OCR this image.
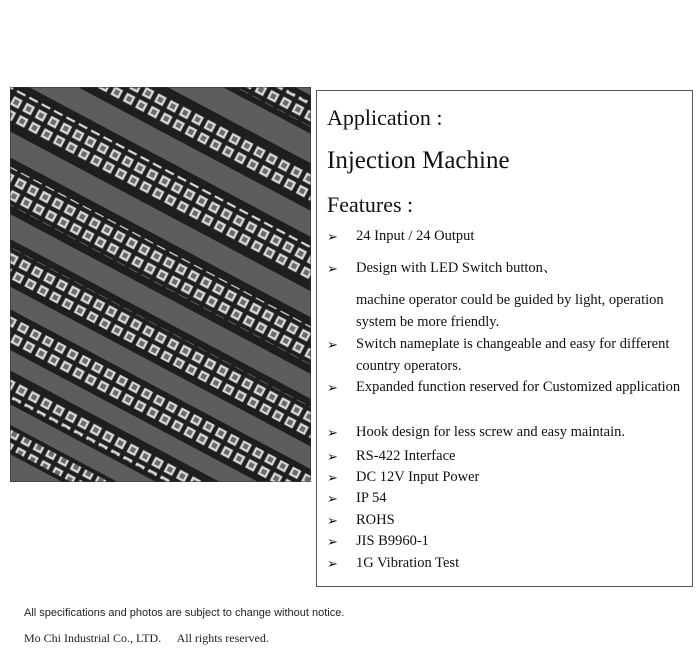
Application :
Injection Machine
Features :
➢ 24 Input / 24 Output
➢ Design with LED Switch button、
machine operator could be guided by light, operation system be more friendly.
➢ Switch nameplate is changeable and easy for different country operators.
➢ Expanded function reserved for Customized application
➢ Hook design for less screw and easy maintain.
➢ RS-422 Interface
➢ DC 12V Input Power
➢ IP 54
➢ ROHS
➢ JIS B9960-1
➢ 1G Vibration Test
All specifications and photos are subject to change without notice.
Mo Chi Industrial Co., LTD. All rights reserved.
